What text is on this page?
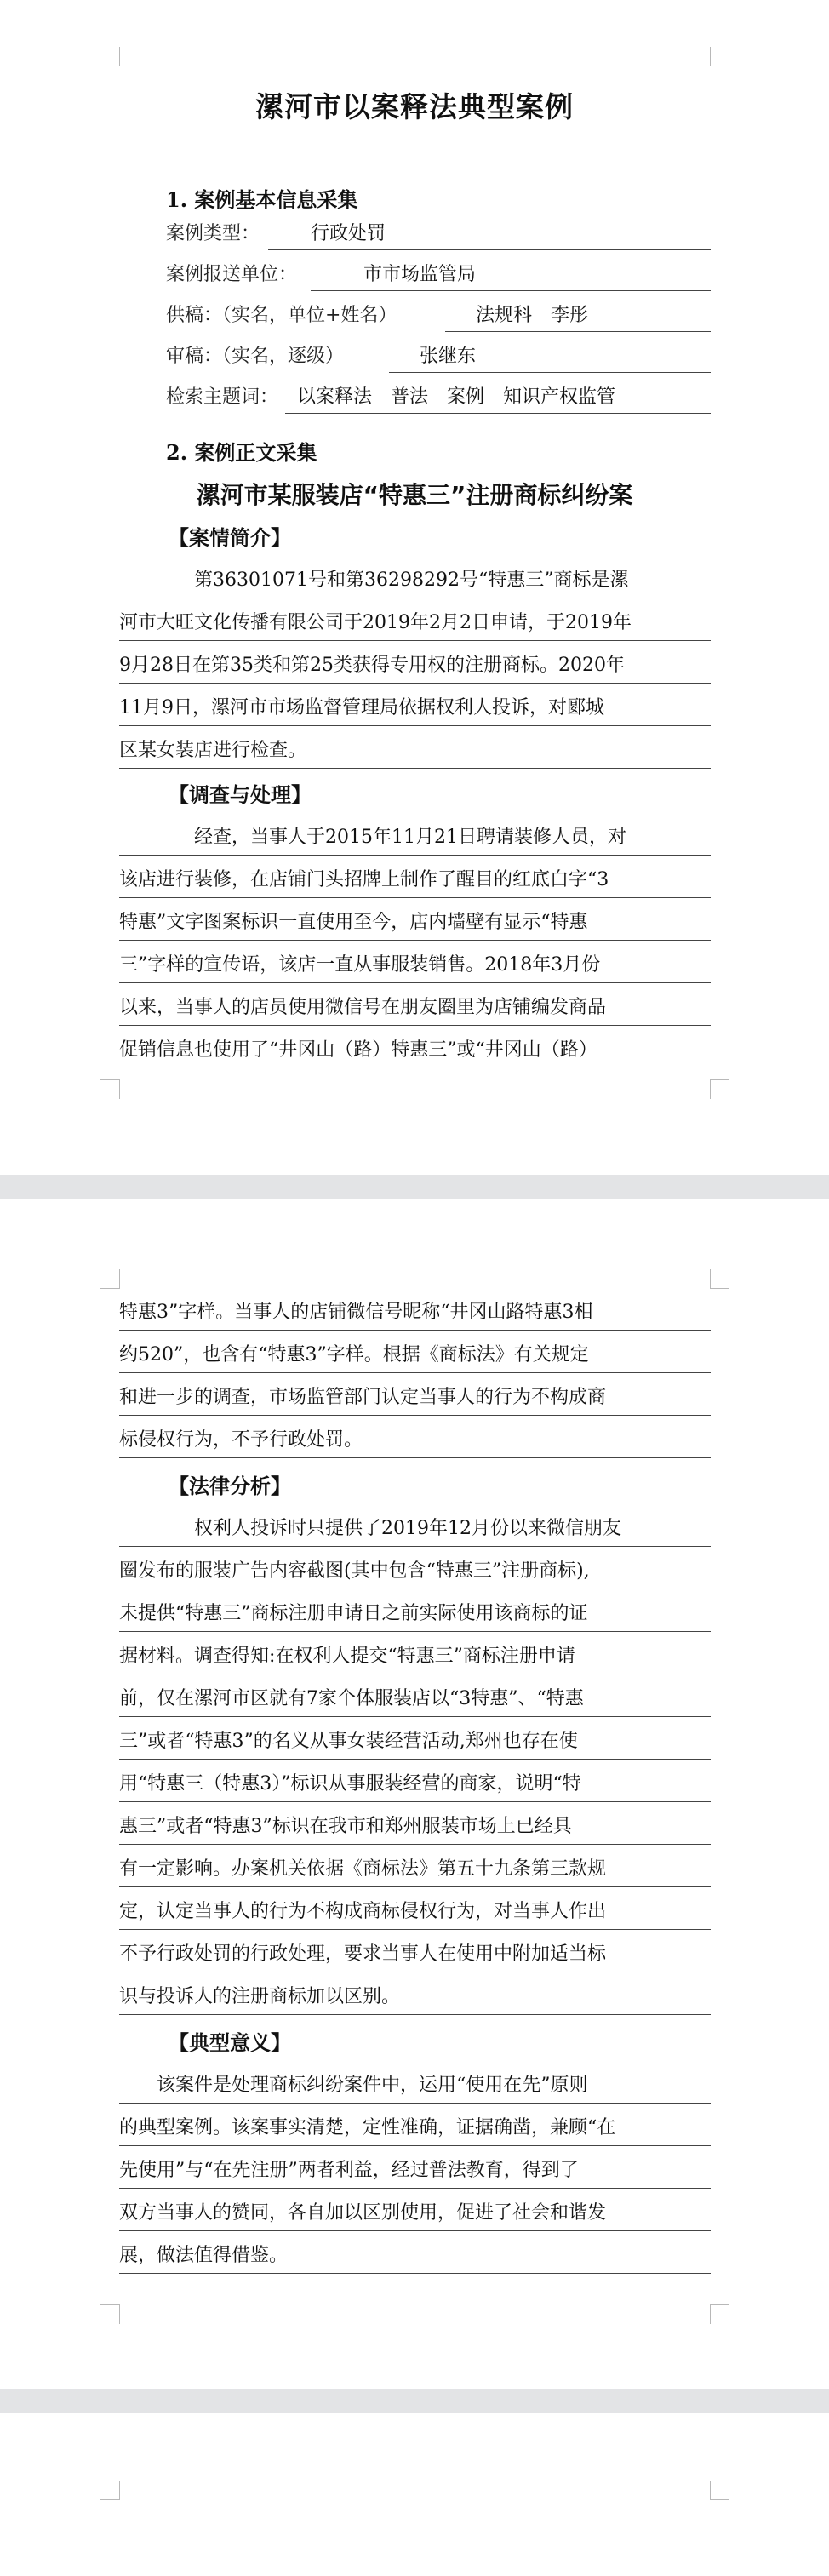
漯河市以案释法典型案例
1. 案例基本信息采集
案例类型：	行政处罚
案例报送单位：	市市场监管局
供稿：（实名，单位+姓名）	法规科　李彤
审稿：（实名，逐级）	张继东
检索主题词： 以案释法　普法　案例　知识产权监管
2. 案例正文采集
漯河市某服装店“特惠三”注册商标纠纷案
【案情简介】
第36301071号和第36298292号“特惠三”商标是漯
河市大旺文化传播有限公司于2019年2月2日申请，于2019年
9月28日在第35类和第25类获得专用权的注册商标。2020年
11月9日，漯河市市场监督管理局依据权利人投诉，对郾城
区某女装店进行检查。
【调查与处理】
经查，当事人于2015年11月21日聘请装修人员，对
该店进行装修，在店铺门头招牌上制作了醒目的红底白字“3
特惠”文字图案标识一直使用至今，店内墙壁有显示“特惠
三”字样的宣传语，该店一直从事服装销售。2018年3月份
以来，当事人的店员使用微信号在朋友圈里为店铺编发商品
促销信息也使用了“井冈山（路）特惠三”或“井冈山（路）
特惠3”字样。当事人的店铺微信号昵称“井冈山路特惠3相
约520”，也含有“特惠3”字样。根据《商标法》有关规定
和进一步的调查，市场监管部门认定当事人的行为不构成商
标侵权行为，不予行政处罚。
【法律分析】
权利人投诉时只提供了2019年12月份以来微信朋友
圈发布的服装广告内容截图(其中包含“特惠三”注册商标),
未提供“特惠三”商标注册申请日之前实际使用该商标的证
据材料。调查得知:在权利人提交“特惠三”商标注册申请
前，仅在漯河市区就有7家个体服装店以“3特惠”、“特惠
三”或者“特惠3”的名义从事女装经营活动,郑州也存在使
用“特惠三（特惠3）”标识从事服装经营的商家，说明“特
惠三”或者“特惠3”标识在我市和郑州服装市场上已经具
有一定影响。办案机关依据《商标法》第五十九条第三款规
定，认定当事人的行为不构成商标侵权行为，对当事人作出
不予行政处罚的行政处理，要求当事人在使用中附加适当标
识与投诉人的注册商标加以区别。
【典型意义】
该案件是处理商标纠纷案件中，运用“使用在先”原则
的典型案例。该案事实清楚，定性准确，证据确凿，兼顾“在
先使用”与“在先注册”两者利益，经过普法教育，得到了
双方当事人的赞同，各自加以区别使用，促进了社会和谐发
展，做法值得借鉴。
